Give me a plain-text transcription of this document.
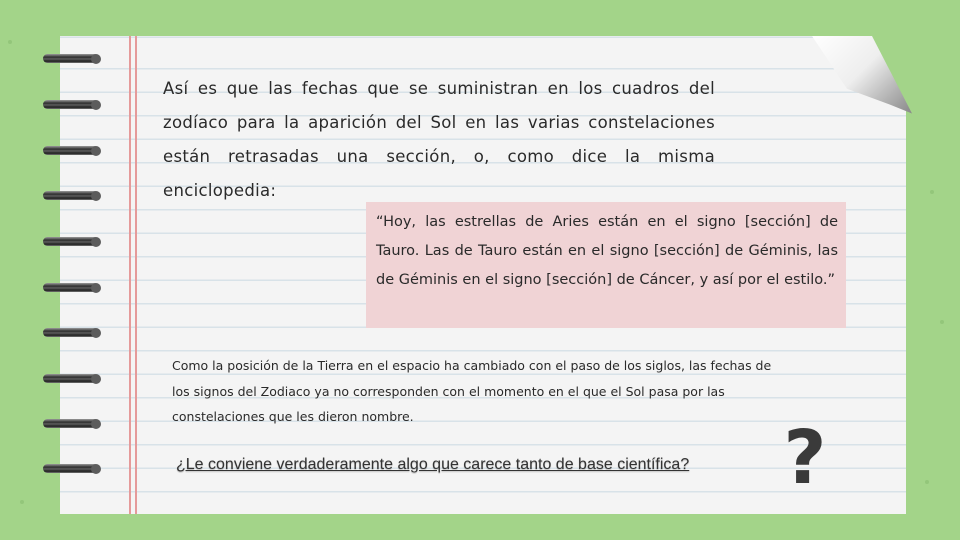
Así es que las fechas que se suministran en los cuadros del zodíaco para la aparición del Sol en las varias constelaciones están retrasadas una sección, o, como dice la misma enciclopedia:

“Hoy, las estrellas de Aries están en el signo [sección] de Tauro. Las de Tauro están en el signo [sección] de Géminis, las de Géminis en el signo [sección] de Cáncer, y así por el estilo.”

Como la posición de la Tierra en el espacio ha cambiado con el paso de los siglos, las fechas de los signos del Zodiaco ya no corresponden con el momento en el que el Sol pasa por las constelaciones que les dieron nombre.

¿Le conviene verdaderamente algo que carece tanto de base científica?	?
